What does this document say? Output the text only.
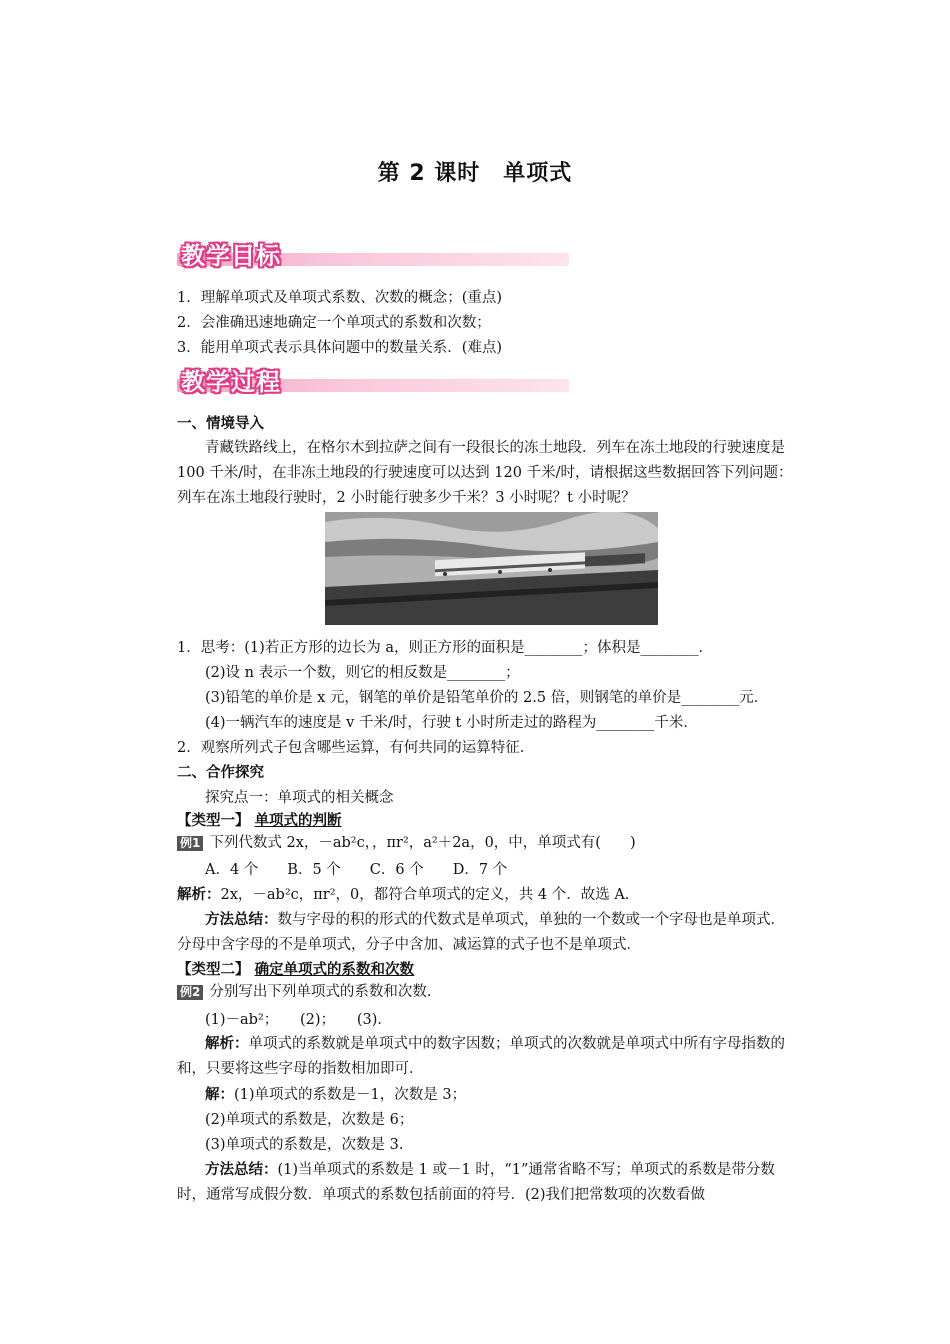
第 2 课时　单项式
教学目标
1．理解单项式及单项式系数、次数的概念；(重点)
2．会准确迅速地确定一个单项式的系数和次数；
3．能用单项式表示具体问题中的数量关系．(难点)
教学过程
一、情境导入
青藏铁路线上，在格尔木到拉萨之间有一段很长的冻土地段．列车在冻土地段的行驶速度是 100 千米/时，在非冻土地段的行驶速度可以达到 120 千米/时，请根据这些数据回答下列问题：列车在冻土地段行驶时，2 小时能行驶多少千米？3 小时呢？t 小时呢？
1．思考：(1)若正方形的边长为 a，则正方形的面积是________；体积是________．
(2)设 n 表示一个数，则它的相反数是________；
(3)铅笔的单价是 x 元，钢笔的单价是铅笔单价的 2.5 倍，则钢笔的单价是________元．
(4)一辆汽车的速度是 v 千米/时，行驶 t 小时所走过的路程为________千米．
2．观察所列式子包含哪些运算，有何共同的运算特征．
二、合作探究
探究点一：单项式的相关概念
【类型一】 单项式的判断
例1 下列代数式 2x，－ab²c，，πr²，a²＋2a，0，中，单项式有(　　)
A．4 个　　B．5 个　　C．6 个　　D．7 个
解析：2x，－ab²c，πr²，0，都符合单项式的定义，共 4 个．故选 A.
方法总结：数与字母的积的形式的代数式是单项式，单独的一个数或一个字母也是单项式．分母中含字母的不是单项式，分子中含加、减运算的式子也不是单项式．
【类型二】 确定单项式的系数和次数
例2 分别写出下列单项式的系数和次数．
(1)－ab²；　　(2)；　　(3)．
解析：单项式的系数就是单项式中的数字因数；单项式的次数就是单项式中所有字母指数的和，只要将这些字母的指数相加即可．
解：(1)单项式的系数是－1，次数是 3；
(2)单项式的系数是，次数是 6；
(3)单项式的系数是，次数是 3.
方法总结：(1)当单项式的系数是 1 或－1 时，“1”通常省略不写；单项式的系数是带分数时，通常写成假分数．单项式的系数包括前面的符号．(2)我们把常数项的次数看做
